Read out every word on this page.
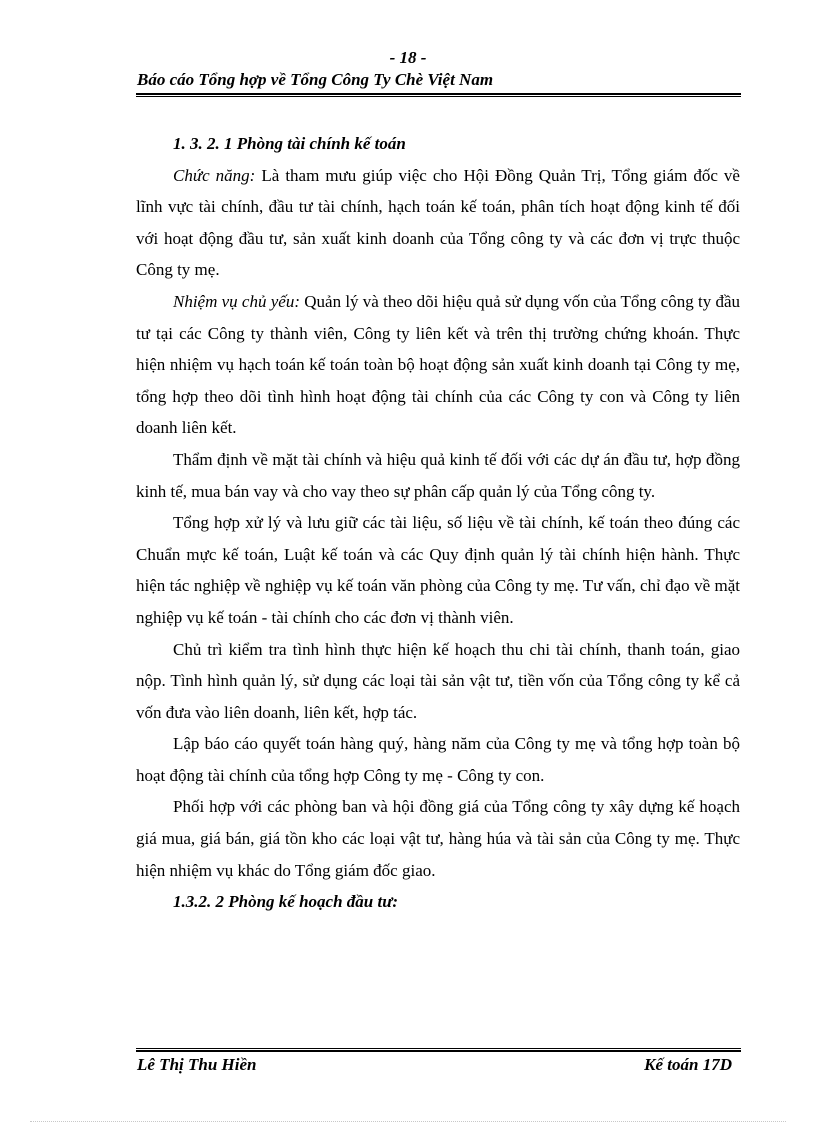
- 18 -
Báo cáo Tổng hợp về Tổng Công Ty Chè Việt Nam

1. 3. 2. 1 Phòng tài chính kế toán

Chức năng: Là tham mưu giúp việc cho Hội Đồng Quản Trị, Tổng giám đốc về lĩnh vực tài chính, đầu tư tài chính, hạch toán kế toán, phân tích hoạt động kinh tế đối với hoạt động đầu tư, sản xuất kinh doanh của Tổng công ty và các đơn vị trực thuộc Công ty mẹ.

Nhiệm vụ chủ yếu: Quản lý và theo dõi hiệu quả sử dụng vốn của Tổng công ty đầu tư tại các Công ty thành viên, Công ty liên kết và trên thị trường chứng khoán. Thực hiện nhiệm vụ hạch toán kế toán toàn bộ hoạt động sản xuất kinh doanh tại Công ty mẹ, tổng hợp theo dõi tình hình hoạt động tài chính của các Công ty con và Công ty liên doanh liên kết.

Thẩm định về mặt tài chính và hiệu quả kinh tế đối với các dự án đầu tư, hợp đồng kinh tế, mua bán vay và cho vay theo sự phân cấp quản lý của Tổng công ty.

Tổng hợp xử lý và lưu giữ các tài liệu, số liệu về tài chính, kế toán theo đúng các Chuẩn mực kế toán, Luật kế toán và các Quy định quản lý tài chính hiện hành. Thực hiện tác nghiệp về nghiệp vụ kế toán văn phòng của Công ty mẹ. Tư vấn, chỉ đạo về mặt nghiệp vụ kế toán - tài chính cho các đơn vị thành viên.

Chủ trì kiểm tra tình hình thực hiện kế hoạch thu chi tài chính, thanh toán, giao nộp. Tình hình quản lý, sử dụng các loại tài sản vật tư, tiền vốn của Tổng công ty kể cả vốn đưa vào liên doanh, liên kết, hợp tác.

Lập báo cáo quyết toán hàng quý, hàng năm của Công ty mẹ và tổng hợp toàn bộ hoạt động tài chính của tổng hợp Công ty mẹ - Công ty con.

Phối hợp với các phòng ban và hội đồng giá của Tổng công ty xây dựng kế hoạch giá mua, giá bán, giá tồn kho các loại vật tư, hàng húa và tài sản của Công ty mẹ. Thực hiện nhiệm vụ khác do Tổng giám đốc giao.

1.3.2. 2 Phòng kế hoạch đầu tư:

Lê Thị Thu Hiền	Kế toán 17D
